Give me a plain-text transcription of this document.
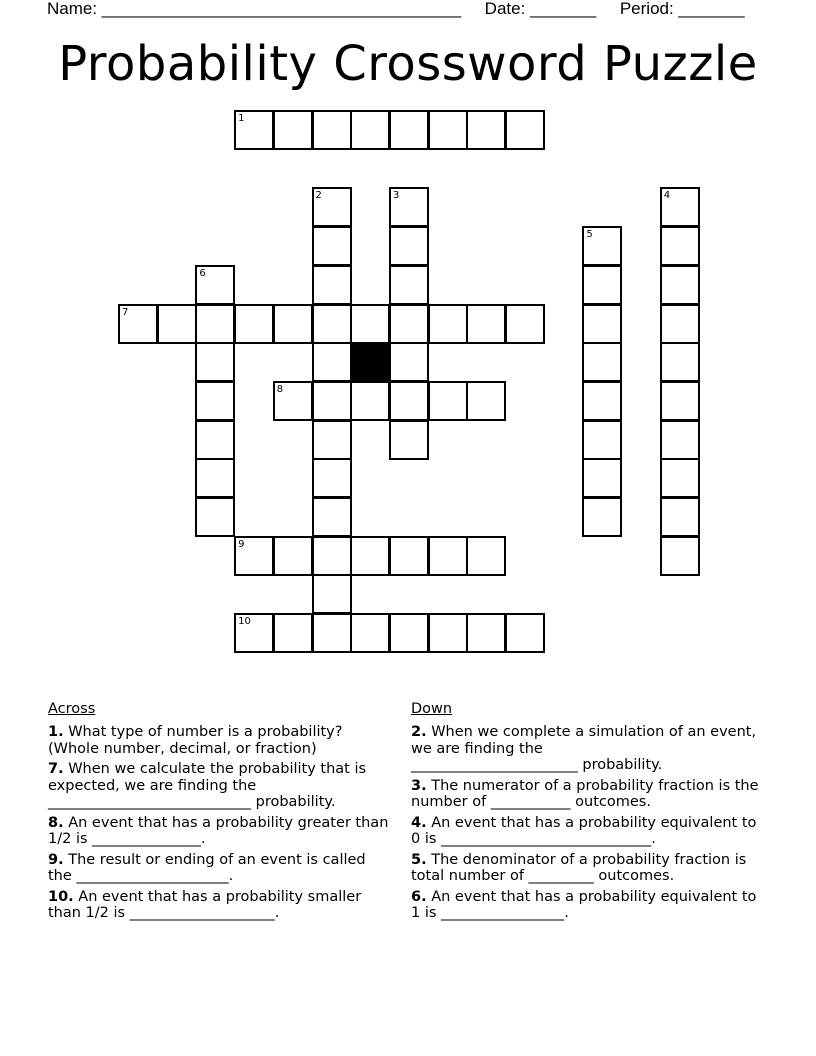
Name: ______________________________________     Date: _______     Period: _______
Probability Crossword Puzzle
1
2	3	4
5
6
7
8
9
10
Across
1. What type of number is a probability?
(Whole number, decimal, or fraction)
7. When we calculate the probability that is expected, we are finding the
____________________________ probability.
8. An event that has a probability greater than 1/2 is _______________.
9. The result or ending of an event is called the _____________________.
10. An event that has a probability smaller than 1/2 is ____________________.
Down
2. When we complete a simulation of an event, we are finding the
_______________________ probability.
3. The numerator of a probability fraction is the number of ___________ outcomes.
4. An event that has a probability equivalent to 0 is _____________________________.
5. The denominator of a probability fraction is total number of _________ outcomes.
6. An event that has a probability equivalent to 1 is _________________.
